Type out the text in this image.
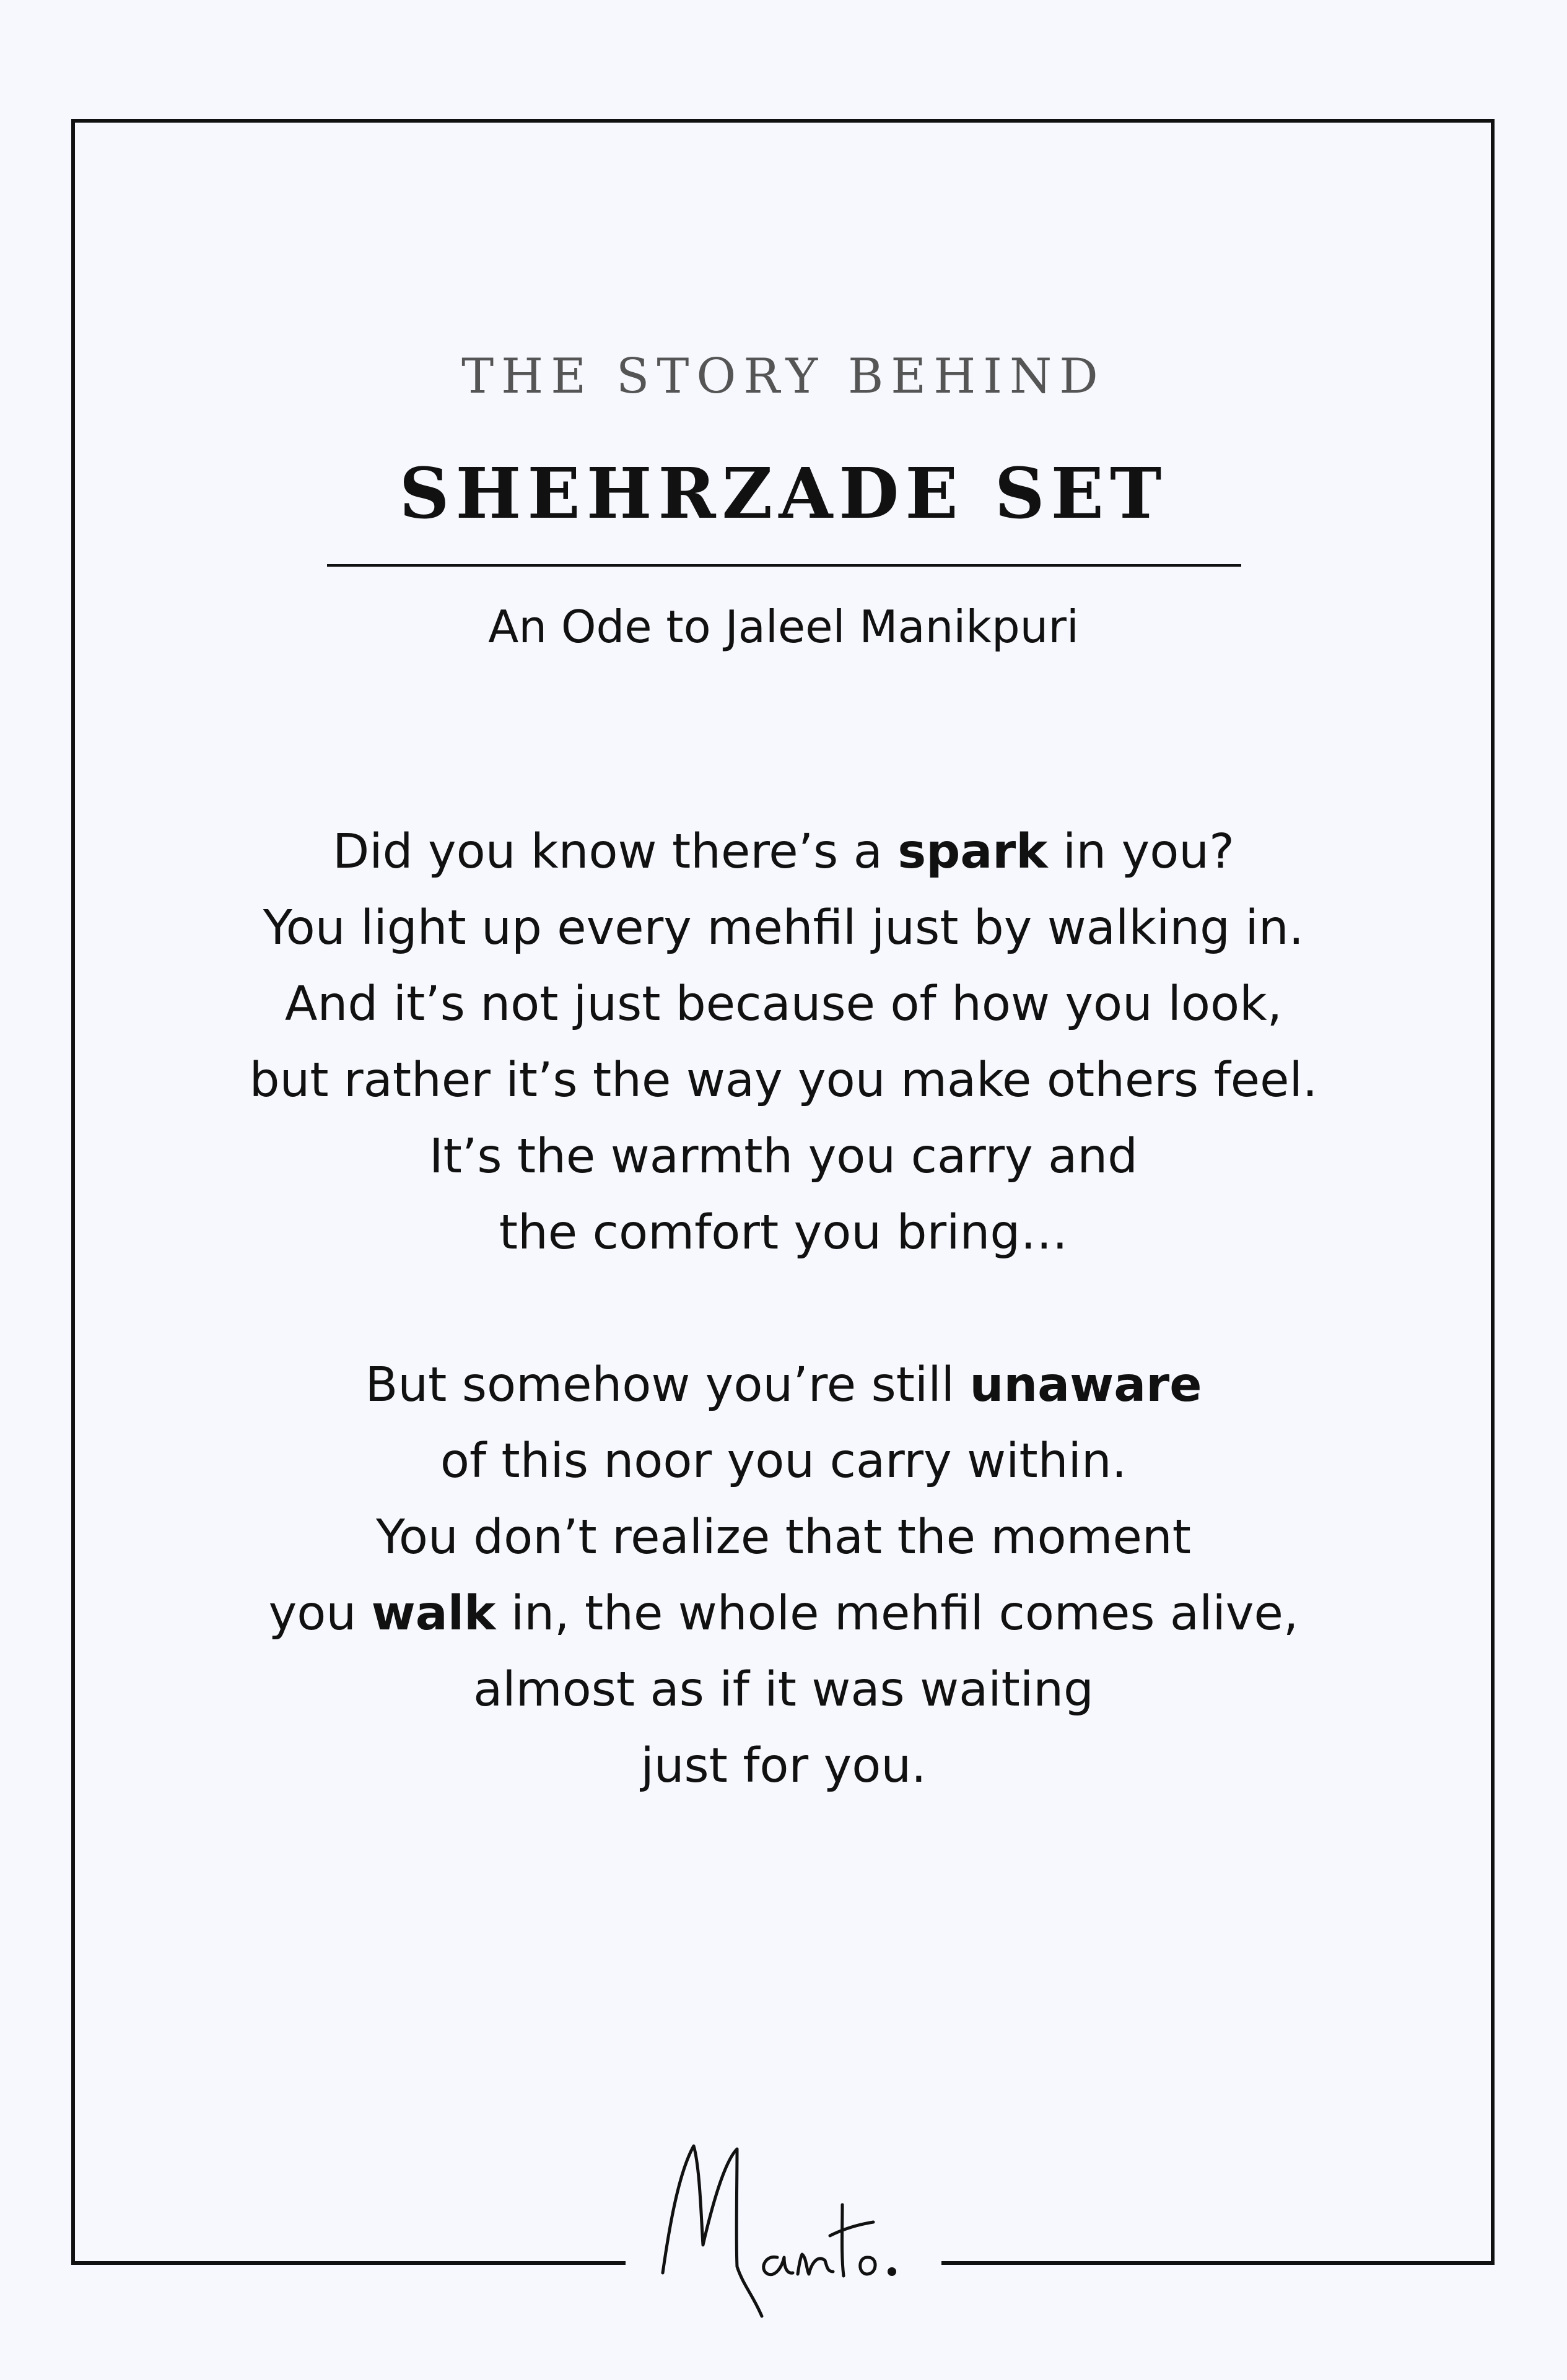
THE STORY BEHIND
SHEHRZADE SET

An Ode to Jaleel Manikpuri

Did you know there’s a spark in you?
You light up every mehfil just by walking in.
And it’s not just because of how you look,
but rather it’s the way you make others feel.
It’s the warmth you carry and
the comfort you bring…
But somehow you’re still unaware
of this noor you carry within.
You don’t realize that the moment
you walk in, the whole mehfil comes alive,
almost as if it was waiting
just for you.
